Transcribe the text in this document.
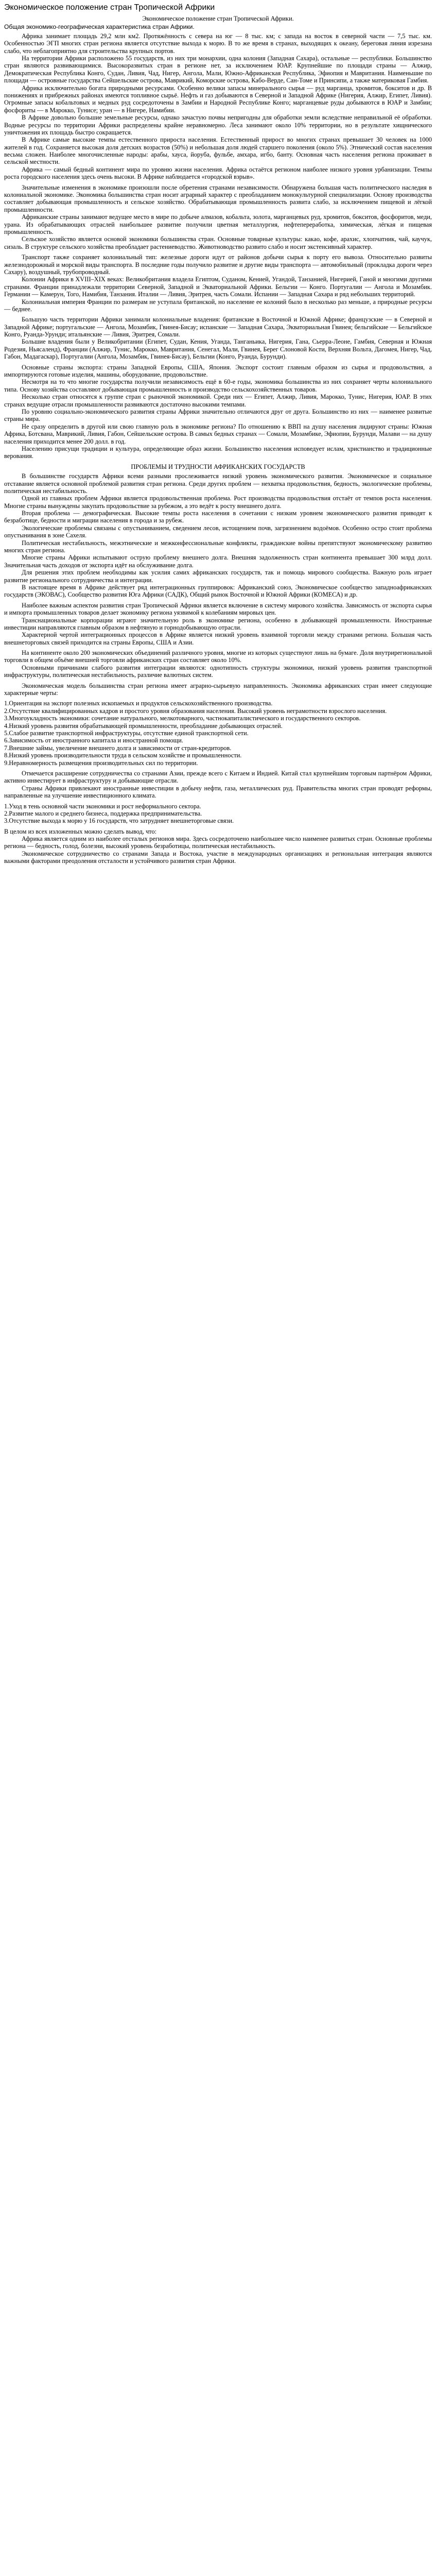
Экономическое положение стран Тропической Африки
Экономическое положение стран Тропической Африки.
Общая экономико-географическая характеристика стран Африки.

Африка занимает площадь 29,2 млн км2. Протяжённость с севера на юг — 8 тыс. км; с запада на восток в северной части — 7,5 тыс. км. Особенностью ЭГП многих стран региона является отсутствие выхода к морю. В то же время в странах, выходящих к океану, береговая линия изрезана слабо, что неблагоприятно для строительства крупных портов.

На территории Африки расположено 55 государств, из них три монархии, одна колония (Западная Сахара), остальные — республики. Большинство стран являются развивающимися. Высокоразвитых стран в регионе нет, за исключением ЮАР. Крупнейшие по площади страны — Алжир, Демократическая Республика Конго, Судан, Ливия, Чад, Нигер, Ангола, Мали, Южно-Африканская Республика, Эфиопия и Мавритания. Наименьшие по площади — островные государства Сейшельские острова, Маврикий, Коморские острова, Кабо-Верде, Сан-Томе и Принсипи, а также материковая Гамбия.

Африка исключительно богата природными ресурсами. Особенно велики запасы минерального сырья — руд марганца, хромитов, бокситов и др. В понижениях и прибрежных районах имеются топливное сырьё. Нефть и газ добываются в Северной и Западной Африке (Нигерия, Алжир, Египет, Ливия). Огромные запасы кобальтовых и медных руд сосредоточены в Замбии и Народной Республике Конго; марганцевые руды добываются в ЮАР и Замбии; фосфориты — в Марокко, Тунисе; уран — в Нигере, Намибии.

В Африке довольно большие земельные ресурсы, однако зачастую почвы непригодны для обработки земли вследствие неправильной её обработки. Водные ресурсы по территории Африки распределены крайне неравномерно. Леса занимают около 10% территории, но в результате хищнического уничтожения их площадь быстро сокращается.

В Африке самые высокие темпы естественного прироста населения. Естественный прирост во многих странах превышает 30 человек на 1000 жителей в год. Сохраняется высокая доля детских возрастов (50%) и небольшая доля людей старшего поколения (около 5%). Этнический состав населения весьма сложен. Наиболее многочисленные народы: арабы, хауса, йоруба, фульбе, амхара, игбо, банту. Основная часть населения региона проживает в сельской местности.

Африка — самый бедный континент мира по уровню жизни населения. Африка остаётся регионом наиболее низкого уровня урбанизации. Темпы роста городского населения здесь очень высоки. В Африке наблюдается «городской взрыв».

Значительные изменения в экономике произошли после обретения странами независимости. Обнаружена большая часть политического наследия в колониальной экономике. Экономика большинства стран носит аграрный характер с преобладанием монокультурной специализации. Основу производства составляет добывающая промышленность и сельское хозяйство. Обрабатывающая промышленность развита слабо, за исключением пищевой и лёгкой промышленности.

Африканские страны занимают ведущее место в мире по добыче алмазов, кобальта, золота, марганцевых руд, хромитов, бокситов, фосфоритов, меди, урана. Из обрабатывающих отраслей наибольшее развитие получили цветная металлургия, нефтепереработка, химическая, лёгкая и пищевая промышленность.

Сельское хозяйство является основой экономики большинства стран. Основные товарные культуры: какао, кофе, арахис, хлопчатник, чай, каучук, сизаль. В структуре сельского хозяйства преобладает растениеводство. Животноводство развито слабо и носит экстенсивный характер.

Транспорт также сохраняет колониальный тип: железные дороги идут от районов добычи сырья к порту его вывоза. Относительно развиты железнодорожный и морской виды транспорта. В последние годы получило развитие и другие виды транспорта — автомобильный (прокладка дороги через Сахару), воздушный, трубопроводный.

Колонии Африки в XVIII–XIX веках: Великобритания владела Египтом, Суданом, Кенией, Угандой, Танзанией, Нигерией, Ганой и многими другими странами. Франции принадлежали территории Северной, Западной и Экваториальной Африки. Бельгии — Конго. Португалии — Ангола и Мозамбик. Германии — Камерун, Того, Намибия, Танзания. Италии — Ливия, Эритрея, часть Сомали. Испании — Западная Сахара и ряд небольших территорий.

Колониальная империя Франции по размерам не уступала британской, но население ее колоний было в несколько раз меньше, а природные ресурсы — беднее.

Большую часть территории Африки занимали колониальные владения: британские в Восточной и Южной Африке; французские — в Северной и Западной Африке; португальские — Ангола, Мозамбик, Гвинея-Бисау; испанские — Западная Сахара, Экваториальная Гвинея; бельгийские — Бельгийское Конго, Руанда-Урунди; итальянские — Ливия, Эритрея, Сомали.

Большие владения были у Великобритании (Египет, Судан, Кения, Уганда, Танганьика, Нигерия, Гана, Сьерра-Леоне, Гамбия, Северная и Южная Родезия, Ньясаленд), Франции (Алжир, Тунис, Марокко, Мавритания, Сенегал, Мали, Гвинея, Берег Слоновой Кости, Верхняя Вольта, Дагомея, Нигер, Чад, Габон, Мадагаскар), Португалии (Ангола, Мозамбик, Гвинея-Бисау), Бельгии (Конго, Руанда, Бурунди).

Основные страны экспорта: страны Западной Европы, США, Япония. Экспорт состоит главным образом из сырья и продовольствия, а импортируются готовые изделия, машины, оборудование, продовольствие.

Несмотря на то что многие государства получили независимость ещё в 60-е годы, экономика большинства из них сохраняет черты колониального типа. Основу хозяйства составляют добывающая промышленность и производство сельскохозяйственных товаров.

Несколько стран относятся к группе стран с рыночной экономикой. Среди них — Египет, Алжир, Ливия, Марокко, Тунис, Нигерия, ЮАР. В этих странах ведущие отрасли промышленности развиваются достаточно высокими темпами.

По уровню социально-экономического развития страны Африки значительно отличаются друг от друга. Большинство из них — наименее развитые страны мира.

Не сразу определить в другой или свою главную роль в экономике региона? По отношению к ВВП на душу населения лидируют страны: Южная Африка, Ботсвана, Маврикий, Ливия, Габон, Сейшельские острова. В самых бедных странах — Сомали, Мозамбике, Эфиопии, Бурунди, Малави — на душу населения приходится менее 200 долл. в год.

Населению присущи традиции и культура, определяющие образ жизни. Большинство населения исповедует ислам, христианство и традиционные верования.

ПРОБЛЕМЫ И ТРУДНОСТИ АФРИКАНСКИХ ГОСУДАРСТВ

В большинстве государств Африки всеми разными прослеживается низкий уровень экономического развития. Экономическое и социальное отставание является основной проблемой развития стран региона. Среди других проблем — нехватка продовольствия, бедность, экологические проблемы, политическая нестабильность.

Одной из главных проблем Африки является продовольственная проблема. Рост производства продовольствия отстаёт от темпов роста населения. Многие страны вынуждены закупать продовольствие за рубежом, а это ведёт к росту внешнего долга.

Вторая проблема — демографическая. Высокие темпы роста населения в сочетании с низким уровнем экономического развития приводят к безработице, бедности и миграции населения в города и за рубеж.

Экологические проблемы связаны с опустыниванием, сведением лесов, истощением почв, загрязнением водоёмов. Особенно остро стоит проблема опустынивания в зоне Сахеля.

Политическая нестабильность, межэтнические и межконфессиональные конфликты, гражданские войны препятствуют экономическому развитию многих стран региона.

Многие страны Африки испытывают острую проблему внешнего долга. Внешняя задолженность стран континента превышает 300 млрд долл. Значительная часть доходов от экспорта идёт на обслуживание долга.

Для решения этих проблем необходимы как усилия самих африканских государств, так и помощь мирового сообщества. Важную роль играет развитие регионального сотрудничества и интеграции.

В настоящее время в Африке действует ряд интеграционных группировок: Африканский союз, Экономическое сообщество западноафриканских государств (ЭКОВАС), Сообщество развития Юга Африки (САДК), Общий рынок Восточной и Южной Африки (КОМЕСА) и др.

Наиболее важным аспектом развития стран Тропической Африки является включение в систему мирового хозяйства. Зависимость от экспорта сырья и импорта промышленных товаров делает экономику региона уязвимой к колебаниям мировых цен.

Транснациональные корпорации играют значительную роль в экономике региона, особенно в добывающей промышленности. Иностранные инвестиции направляются главным образом в нефтяную и горнодобывающую отрасли.

Характерной чертой интеграционных процессов в Африке является низкий уровень взаимной торговли между странами региона. Большая часть внешнеторговых связей приходится на страны Европы, США и Азии.

На континенте около 200 экономических объединений различного уровня, многие из которых существуют лишь на бумаге. Доля внутрирегиональной торговли в общем объёме внешней торговли африканских стран составляет около 10%.

Основными причинами слабого развития интеграции являются: однотипность структуры экономики, низкий уровень развития транспортной инфраструктуры, политическая нестабильность, различие валютных систем.

Экономическая модель большинства стран региона имеет аграрно-сырьевую направленность. Экономика африканских стран имеет следующие характерные черты:

1.Ориентация на экспорт полезных ископаемых и продуктов сельскохозяйственного производства.
2.Отсутствие квалифицированных кадров и простого уровня образования населения. Высокий уровень неграмотности взрослого населения.
3.Многоукладность экономики: сочетание натурального, мелкотоварного, частнокапиталистического и государственного секторов.
4.Низкий уровень развития обрабатывающей промышленности, преобладание добывающих отраслей.
5.Слабое развитие транспортной инфраструктуры, отсутствие единой транспортной сети.
6.Зависимость от иностранного капитала и иностранной помощи.
7.Внешние займы, увеличение внешнего долга и зависимости от стран-кредиторов.
8.Низкий уровень производительности труда в сельском хозяйстве и промышленности.
9.Неравномерность размещения производительных сил по территории.

Отмечается расширение сотрудничества со странами Азии, прежде всего с Китаем и Индией. Китай стал крупнейшим торговым партнёром Африки, активно инвестирует в инфраструктуру и добывающие отрасли.

Страны Африки привлекают иностранные инвестиции в добычу нефти, газа, металлических руд. Правительства многих стран проводят реформы, направленные на улучшение инвестиционного климата.

1.Уход в тень основной части экономики и рост неформального сектора.
2.Развитие малого и среднего бизнеса, поддержка предпринимательства.
3.Отсутствие выхода к морю у 16 государств, что затрудняет внешнеторговые связи.

В целом из всех изложенных можно сделать вывод, что:

Африка является одним из наиболее отсталых регионов мира. Здесь сосредоточено наибольшее число наименее развитых стран. Основные проблемы региона — бедность, голод, болезни, высокий уровень безработицы, политическая нестабильность.

Экономическое сотрудничество со странами Запада и Востока, участие в международных организациях и региональная интеграция являются важными факторами преодоления отсталости и устойчивого развития стран Африки.
